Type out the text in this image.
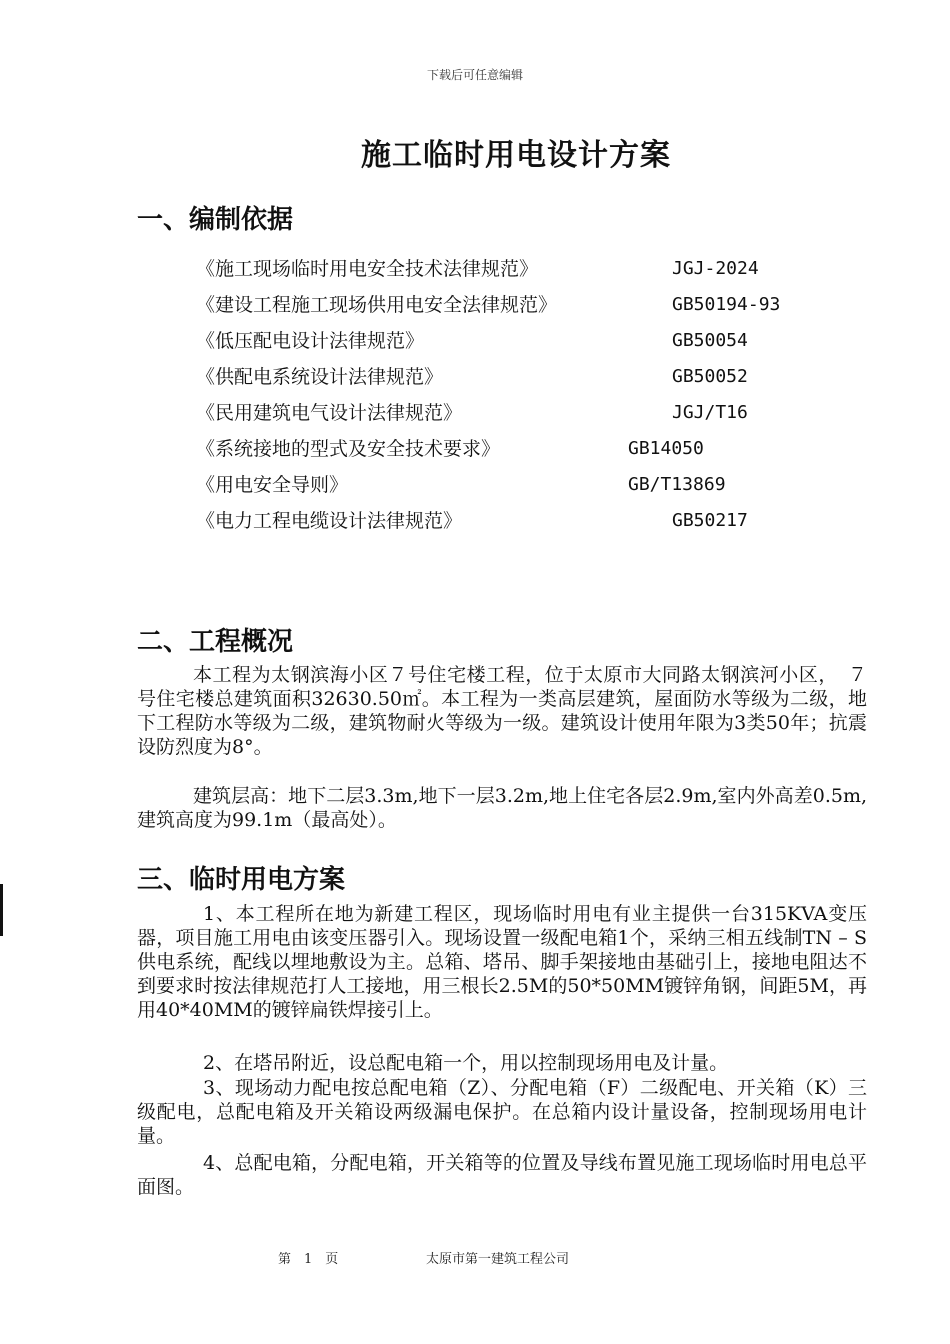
下载后可任意编辑
施工临时用电设计方案
一、编制依据
《施工现场临时用电安全技术法律规范》	JGJ-2024
《建设工程施工现场供用电安全法律规范》	GB50194-93
《低压配电设计法律规范》	GB50054
《供配电系统设计法律规范》	GB50052
《民用建筑电气设计法律规范》	JGJ/T16
《系统接地的型式及安全技术要求》	GB14050
《用电安全导则》	GB/T13869
《电力工程电缆设计法律规范》	GB50217
二、工程概况

本工程为太钢滨海小区７号住宅楼工程，位于太原市大同路太钢滨河小区，　７号住宅楼总建筑面积32630.50㎡。本工程为一类高层建筑，屋面防水等级为二级，地下工程防水等级为二级，建筑物耐火等级为一级。建筑设计使用年限为3类50年；抗震设防烈度为8°。

建筑层高：地下二层3.3m,地下一层3.2m,地上住宅各层2.9m,室内外高差0.5m,建筑高度为99.1m（最高处）。

三、临时用电方案

1、本工程所在地为新建工程区，现场临时用电有业主提供一台315KVA变压器，项目施工用电由该变压器引入。现场设置一级配电箱1个，采纳三相五线制TN – S供电系统，配线以埋地敷设为主。总箱、塔吊、脚手架接地由基础引上，接地电阻达不到要求时按法律规范打人工接地，用三根长2.5M的50*50MM镀锌角钢，间距5M，再用40*40MM的镀锌扁铁焊接引上。

2、在塔吊附近，设总配电箱一个，用以控制现场用电及计量。

3、现场动力配电按总配电箱（Z）、分配电箱（F）二级配电、开关箱（K）三级配电，总配电箱及开关箱设两级漏电保护。在总箱内设计量设备，控制现场用电计量。

4、总配电箱，分配电箱，开关箱等的位置及导线布置见施工现场临时用电总平面图。

第　1　页	太原市第一建筑工程公司
